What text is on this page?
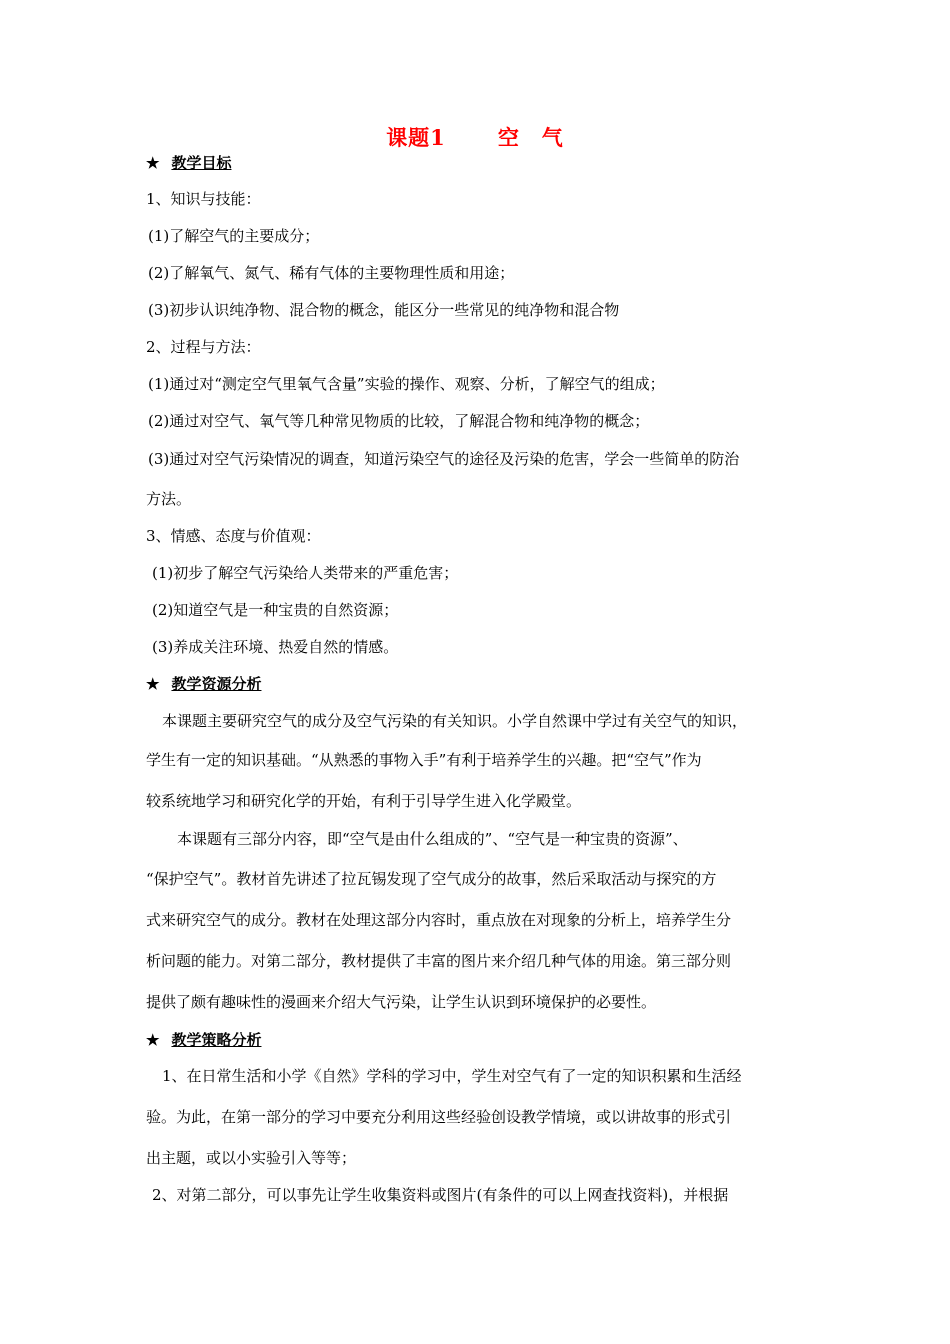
课题1 空　气
★ 教学目标
1、知识与技能：
(1)了解空气的主要成分；
(2)了解氧气、氮气、稀有气体的主要物理性质和用途；
(3)初步认识纯净物、混合物的概念，能区分一些常见的纯净物和混合物
2、过程与方法：
(1)通过对“测定空气里氧气含量”实验的操作、观察、分析，了解空气的组成；
(2)通过对空气、氧气等几种常见物质的比较，了解混合物和纯净物的概念；
(3)通过对空气污染情况的调查，知道污染空气的途径及污染的危害，学会一些简单的防治
方法。
3、情感、态度与价值观：
(1)初步了解空气污染给人类带来的严重危害；
(2)知道空气是一种宝贵的自然资源；
(3)养成关注环境、热爱自然的情感。
★ 教学资源分析
本课题主要研究空气的成分及空气污染的有关知识。小学自然课中学过有关空气的知识，
学生有一定的知识基础。“从熟悉的事物入手”有利于培养学生的兴趣。把“空气”作为
较系统地学习和研究化学的开始，有利于引导学生进入化学殿堂。
本课题有三部分内容，即“空气是由什么组成的”、“空气是一种宝贵的资源”、
“保护空气”。教材首先讲述了拉瓦锡发现了空气成分的故事，然后采取活动与探究的方
式来研究空气的成分。教材在处理这部分内容时，重点放在对现象的分析上，培养学生分
析问题的能力。对第二部分，教材提供了丰富的图片来介绍几种气体的用途。第三部分则
提供了颇有趣味性的漫画来介绍大气污染，让学生认识到环境保护的必要性。
★ 教学策略分析
1、在日常生活和小学《自然》学科的学习中，学生对空气有了一定的知识积累和生活经
验。为此，在第一部分的学习中要充分利用这些经验创设教学情境，或以讲故事的形式引
出主题，或以小实验引入等等；
2、对第二部分，可以事先让学生收集资料或图片(有条件的可以上网查找资料)，并根据
